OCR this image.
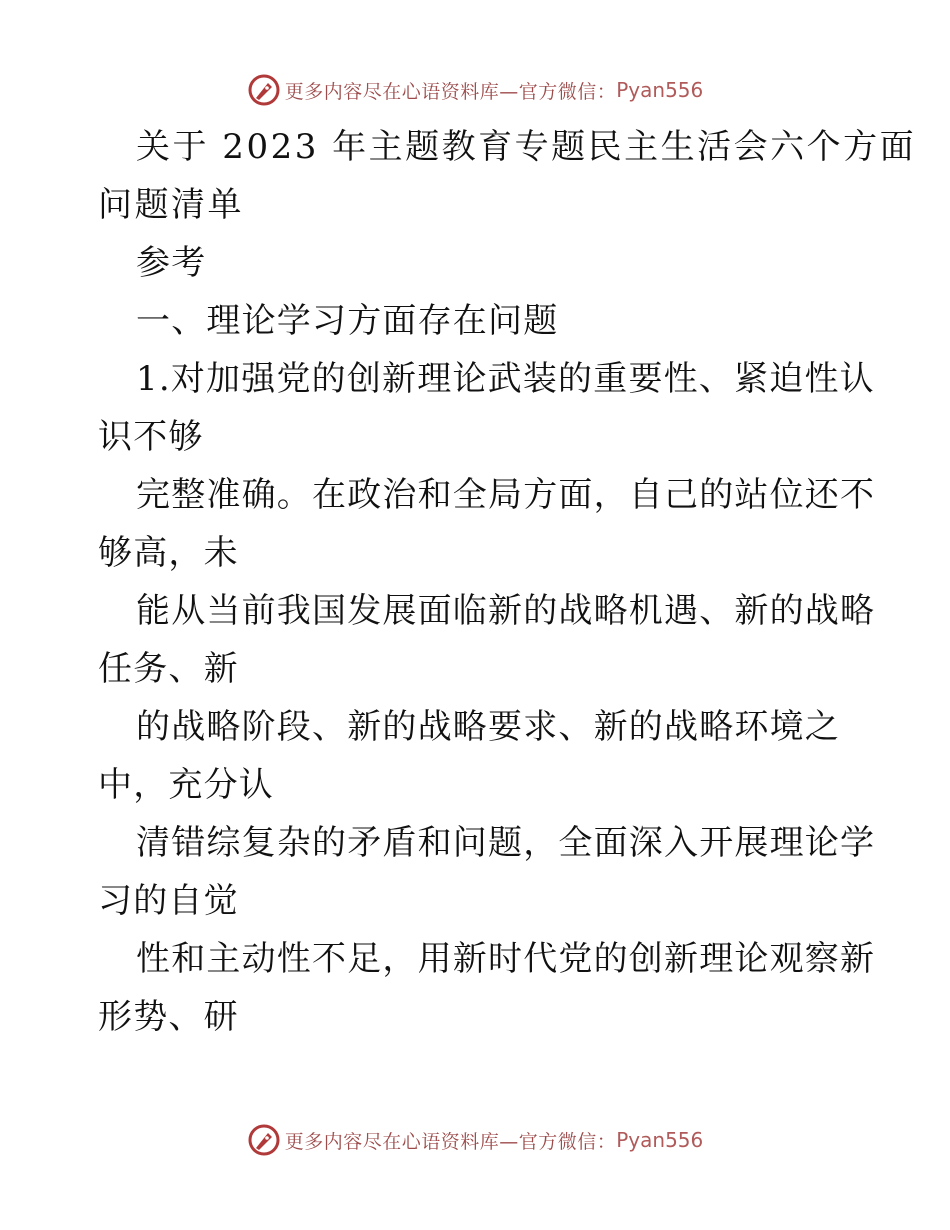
更多内容尽在心语资料库—官方微信： Pyan556
关于 2023 年主题教育专题民主生活会六个方面
问题清单
参考
一、理论学习方面存在问题
1.对加强党的创新理论武装的重要性、紧迫性认
识不够
完整准确。在政治和全局方面，自己的站位还不
够高，未
能从当前我国发展面临新的战略机遇、新的战略
任务、新
的战略阶段、新的战略要求、新的战略环境之
中，充分认
清错综复杂的矛盾和问题，全面深入开展理论学
习的自觉
性和主动性不足，用新时代党的创新理论观察新
形势、研
更多内容尽在心语资料库—官方微信： Pyan556
